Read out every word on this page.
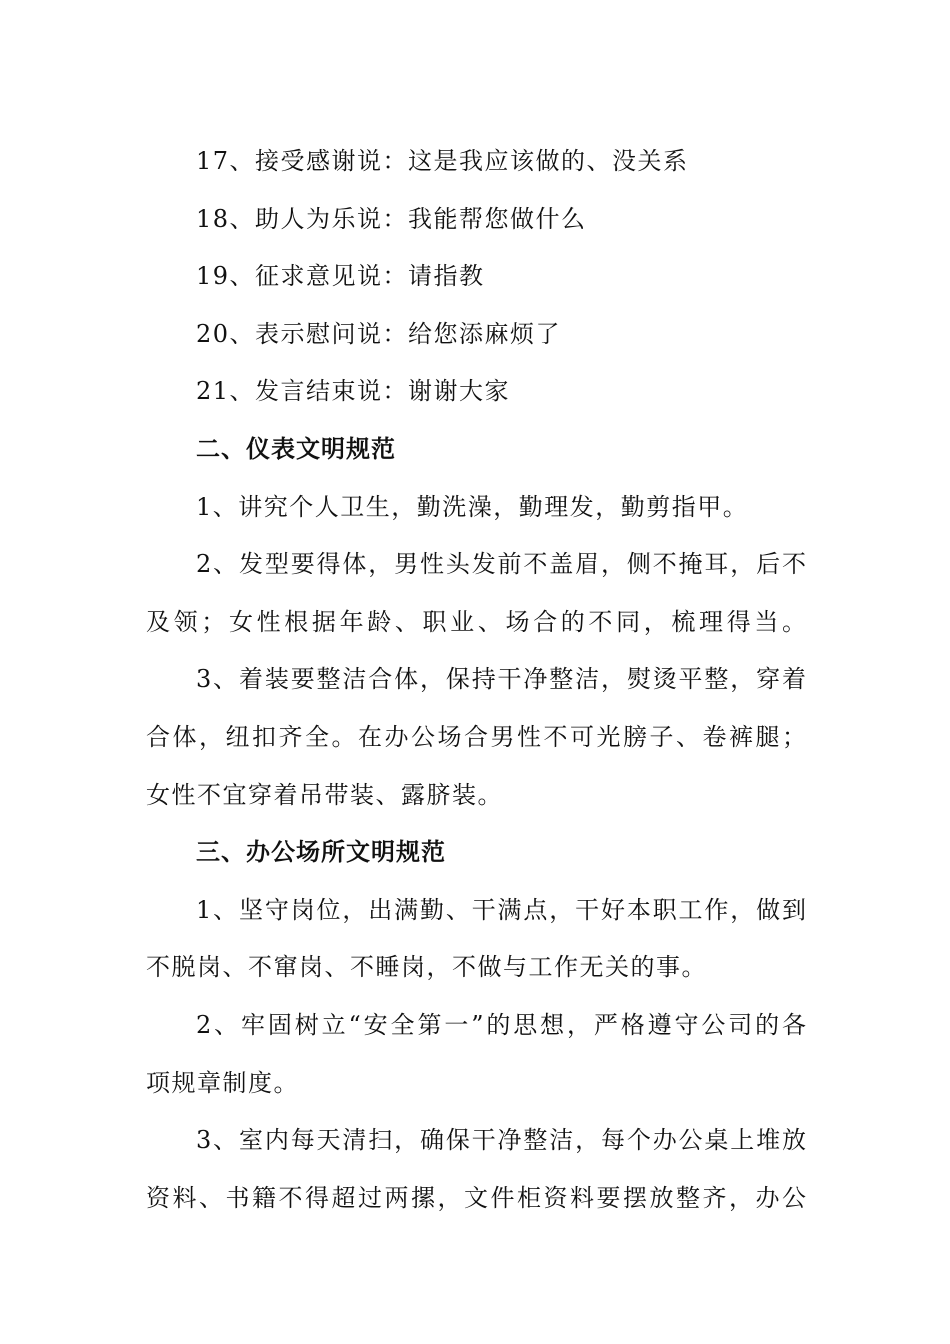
17、接受感谢说：这是我应该做的、没关系
18、助人为乐说：我能帮您做什么
19、征求意见说：请指教
20、表示慰问说：给您添麻烦了
21、发言结束说：谢谢大家
二、仪表文明规范
1、讲究个人卫生，勤洗澡，勤理发，勤剪指甲。
2、发型要得体，男性头发前不盖眉，侧不掩耳，后不
及领；女性根据年龄、职业、场合的不同，梳理得当。
3、着装要整洁合体，保持干净整洁，熨烫平整，穿着
合体，纽扣齐全。在办公场合男性不可光膀子、卷裤腿；
女性不宜穿着吊带装、露脐装。
三、办公场所文明规范
1、坚守岗位，出满勤、干满点，干好本职工作，做到
不脱岗、不窜岗、不睡岗，不做与工作无关的事。
2、牢固树立“安全第一”的思想，严格遵守公司的各
项规章制度。
3、室内每天清扫，确保干净整洁，每个办公桌上堆放
资料、书籍不得超过两摞，文件柜资料要摆放整齐，办公
